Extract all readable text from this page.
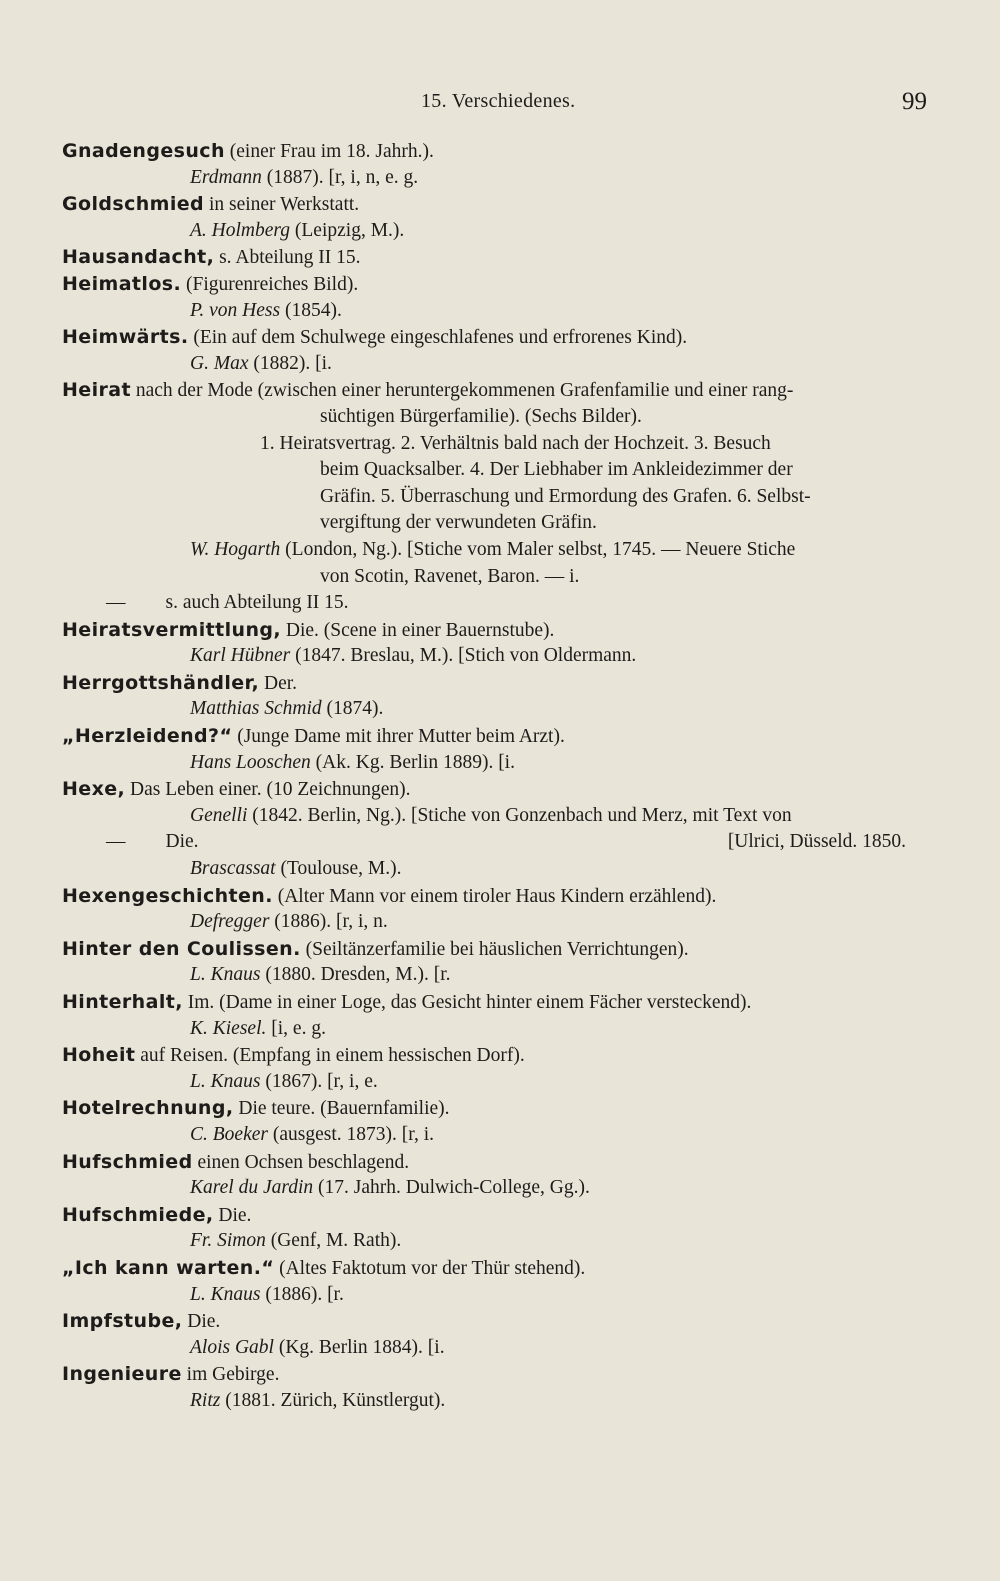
15. Verschiedenes.	99
Gnadengesuch (einer Frau im 18. Jahrh.).
Erdmann (1887). [r, i, n, e. g.
Goldschmied in seiner Werkstatt.
A. Holmberg (Leipzig, M.).
Hausandacht, s. Abteilung II 15.
Heimatlos. (Figurenreiches Bild).
P. von Hess (1854).
Heimwärts. (Ein auf dem Schulwege eingeschlafenes und erfrorenes Kind).
G. Max (1882). [i.
Heirat nach der Mode (zwischen einer heruntergekommenen Grafenfamilie und einer rang-
süchtigen Bürgerfamilie). (Sechs Bilder).
1. Heiratsvertrag. 2. Verhältnis bald nach der Hochzeit. 3. Besuch
beim Quacksalber. 4. Der Liebhaber im Ankleidezimmer der
Gräfin. 5. Überraschung und Ermordung des Grafen. 6. Selbst-
vergiftung der verwundeten Gräfin.
W. Hogarth (London, Ng.). [Stiche vom Maler selbst, 1745. — Neuere Stiche
von Scotin, Ravenet, Baron. — i.
— s. auch Abteilung II 15.
Heiratsvermittlung, Die. (Scene in einer Bauernstube).
Karl Hübner (1847. Breslau, M.). [Stich von Oldermann.
Herrgottshändler, Der.
Matthias Schmid (1874).
„Herzleidend?“ (Junge Dame mit ihrer Mutter beim Arzt).
Hans Looschen (Ak. Kg. Berlin 1889). [i.
Hexe, Das Leben einer. (10 Zeichnungen).
Genelli (1842. Berlin, Ng.). [Stiche von Gonzenbach und Merz, mit Text von
— Die.	[Ulrici, Düsseld. 1850.
Brascassat (Toulouse, M.).
Hexengeschichten. (Alter Mann vor einem tiroler Haus Kindern erzählend).
Defregger (1886). [r, i, n.
Hinter den Coulissen. (Seiltänzerfamilie bei häuslichen Verrichtungen).
L. Knaus (1880. Dresden, M.). [r.
Hinterhalt, Im. (Dame in einer Loge, das Gesicht hinter einem Fächer versteckend).
K. Kiesel. [i, e. g.
Hoheit auf Reisen. (Empfang in einem hessischen Dorf).
L. Knaus (1867). [r, i, e.
Hotelrechnung, Die teure. (Bauernfamilie).
C. Boeker (ausgest. 1873). [r, i.
Hufschmied einen Ochsen beschlagend.
Karel du Jardin (17. Jahrh. Dulwich-College, Gg.).
Hufschmiede, Die.
Fr. Simon (Genf, M. Rath).
„Ich kann warten.“ (Altes Faktotum vor der Thür stehend).
L. Knaus (1886). [r.
Impfstube, Die.
Alois Gabl (Kg. Berlin 1884). [i.
Ingenieure im Gebirge.
Ritz (1881. Zürich, Künstlergut).
